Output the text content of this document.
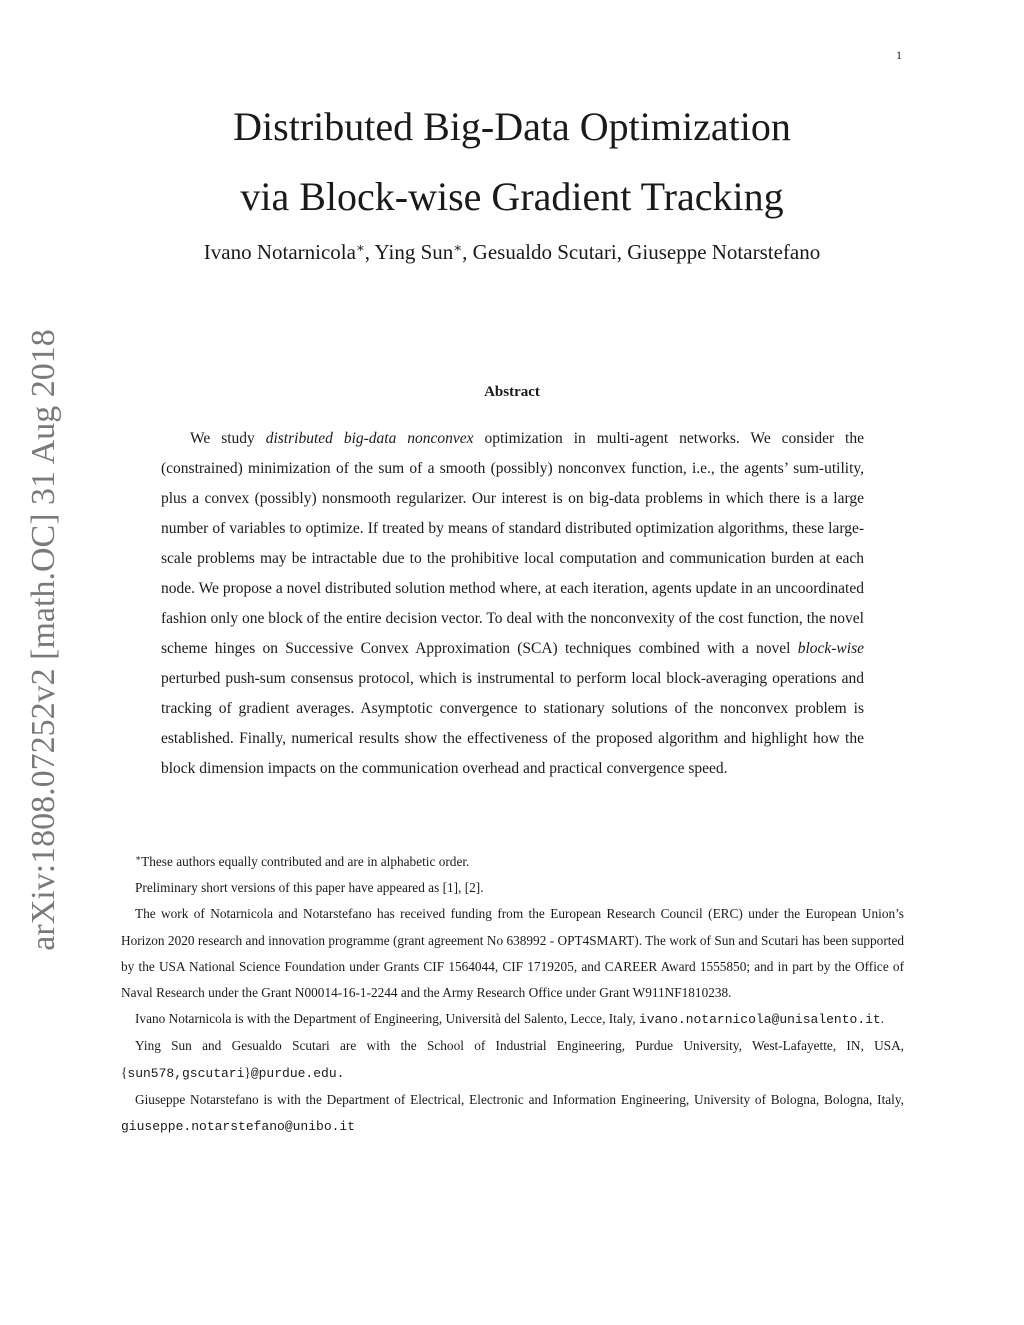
1
arXiv:1808.07252v2 [math.OC] 31 Aug 2018
Distributed Big-Data Optimization
via Block-wise Gradient Tracking
Ivano Notarnicola∗, Ying Sun∗, Gesualdo Scutari, Giuseppe Notarstefano
Abstract

We study distributed big-data nonconvex optimization in multi-agent networks. We consider the (constrained) minimization of the sum of a smooth (possibly) nonconvex function, i.e., the agents’ sum-utility, plus a convex (possibly) nonsmooth regularizer. Our interest is on big-data problems in which there is a large number of variables to optimize. If treated by means of standard distributed optimization algorithms, these large-scale problems may be intractable due to the prohibitive local computation and communication burden at each node. We propose a novel distributed solution method where, at each iteration, agents update in an uncoordinated fashion only one block of the entire decision vector. To deal with the nonconvexity of the cost function, the novel scheme hinges on Successive Convex Approximation (SCA) techniques combined with a novel block-wise perturbed push-sum consensus protocol, which is instrumental to perform local block-averaging operations and tracking of gradient averages. Asymptotic convergence to stationary solutions of the nonconvex problem is established. Finally, numerical results show the effectiveness of the proposed algorithm and highlight how the block dimension impacts on the communication overhead and practical convergence speed.

∗These authors equally contributed and are in alphabetic order.

Preliminary short versions of this paper have appeared as [1], [2].

The work of Notarnicola and Notarstefano has received funding from the European Research Council (ERC) under the European Union’s Horizon 2020 research and innovation programme (grant agreement No 638992 - OPT4SMART). The work of Sun and Scutari has been supported by the USA National Science Foundation under Grants CIF 1564044, CIF 1719205, and CAREER Award 1555850; and in part by the Office of Naval Research under the Grant N00014-16-1-2244 and the Army Research Office under Grant W911NF1810238.

Ivano Notarnicola is with the Department of Engineering, Università del Salento, Lecce, Italy, ivano.notarnicola@unisalento.it.

Ying Sun and Gesualdo Scutari are with the School of Industrial Engineering, Purdue University, West-Lafayette, IN, USA, {sun578,gscutari}@purdue.edu.

Giuseppe Notarstefano is with the Department of Electrical, Electronic and Information Engineering, University of Bologna, Bologna, Italy, giuseppe.notarstefano@unibo.it
